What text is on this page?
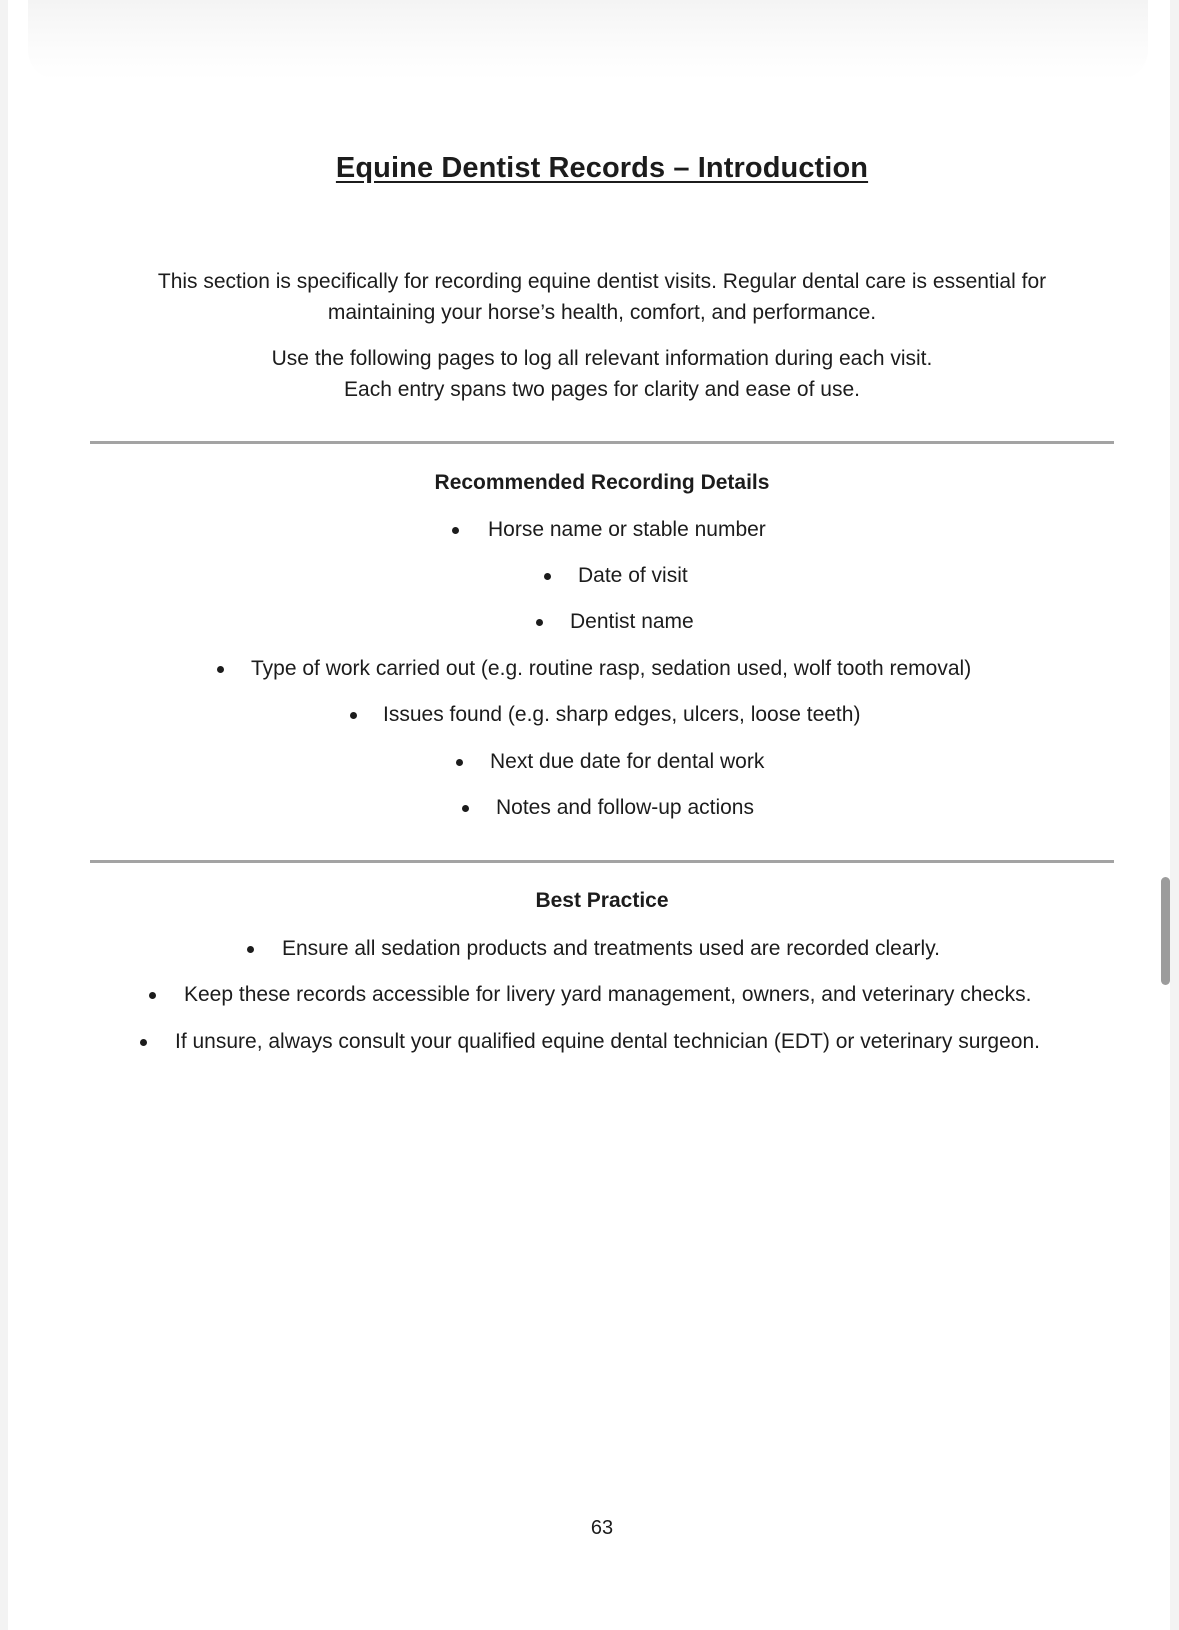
Equine Dentist Records – Introduction

This section is specifically for recording equine dentist visits. Regular dental care is essential for

maintaining your horse’s health, comfort, and performance.

Use the following pages to log all relevant information during each visit.

Each entry spans two pages for clarity and ease of use.

Recommended Recording Details
Horse name or stable number
Date of visit
Dentist name
Type of work carried out (e.g. routine rasp, sedation used, wolf tooth removal)
Issues found (e.g. sharp edges, ulcers, loose teeth)
Next due date for dental work
Notes and follow-up actions
Best Practice
Ensure all sedation products and treatments used are recorded clearly.
Keep these records accessible for livery yard management, owners, and veterinary checks.
If unsure, always consult your qualified equine dental technician (EDT) or veterinary surgeon.

63
